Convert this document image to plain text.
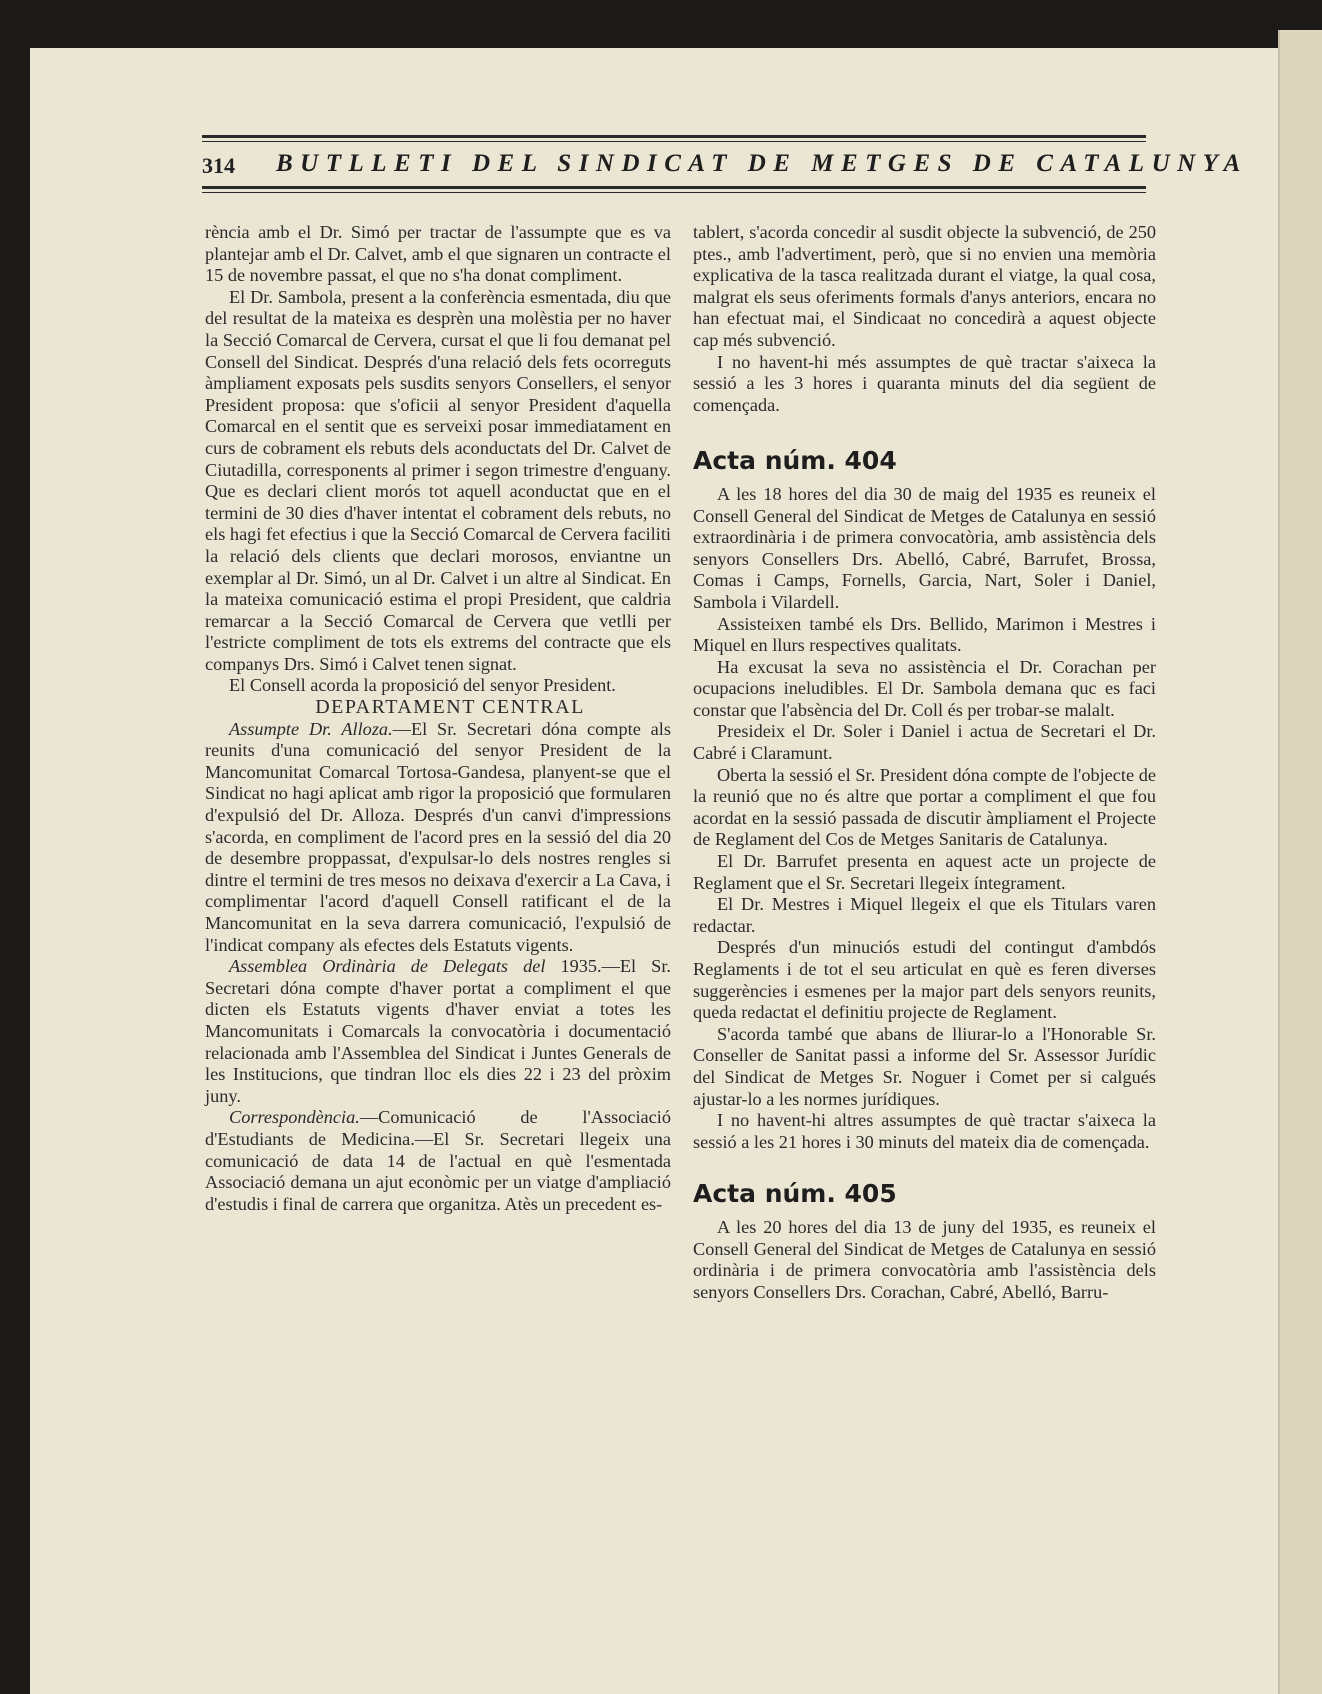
314 BUTLLETI DEL SINDICAT DE METGES DE CATALUNYA

rència amb el Dr. Simó per tractar de l'assumpte que es va plantejar amb el Dr. Calvet, amb el que signaren un contracte el 15 de novembre passat, el que no s'ha donat compliment.

El Dr. Sambola, present a la conferència esmentada, diu que del resultat de la mateixa es desprèn una molèstia per no haver la Secció Comarcal de Cervera, cursat el que li fou demanat pel Consell del Sindicat. Després d'una relació dels fets ocorreguts àmpliament exposats pels susdits senyors Consellers, el senyor President proposa: que s'oficii al senyor President d'aquella Comarcal en el sentit que es serveixi posar immediatament en curs de cobrament els rebuts dels aconductats del Dr. Calvet de Ciutadilla, corresponents al primer i segon trimestre d'enguany. Que es declari client morós tot aquell aconductat que en el termini de 30 dies d'haver intentat el cobrament dels rebuts, no els hagi fet efectius i que la Secció Comarcal de Cervera faciliti la relació dels clients que declari morosos, enviantne un exemplar al Dr. Simó, un al Dr. Calvet i un altre al Sindicat. En la mateixa comunicació estima el propi President, que caldria remarcar a la Secció Comarcal de Cervera que vetlli per l'estricte compliment de tots els extrems del contracte que els companys Drs. Simó i Calvet tenen signat.

El Consell acorda la proposició del senyor President.

DEPARTAMENT CENTRAL

Assumpte Dr. Alloza.—El Sr. Secretari dóna compte als reunits d'una comunicació del senyor President de la Mancomunitat Comarcal Tortosa-Gandesa, planyent-se que el Sindicat no hagi aplicat amb rigor la proposició que formularen d'expulsió del Dr. Alloza. Després d'un canvi d'impressions s'acorda, en compliment de l'acord pres en la sessió del dia 20 de desembre proppassat, d'expulsar-lo dels nostres rengles si dintre el termini de tres mesos no deixava d'exercir a La Cava, i complimentar l'acord d'aquell Consell ratificant el de la Mancomunitat en la seva darrera comunicació, l'expulsió de l'indicat company als efectes dels Estatuts vigents.

Assemblea Ordinària de Delegats del 1935.—El Sr. Secretari dóna compte d'haver portat a compliment el que dicten els Estatuts vigents d'haver enviat a totes les Mancomunitats i Comarcals la convocatòria i documentació relacionada amb l'Assemblea del Sindicat i Juntes Generals de les Institucions, que tindran lloc els dies 22 i 23 del pròxim juny.

Correspondència.—Comunicació de l'Associació d'Estudiants de Medicina.—El Sr. Secretari llegeix una comunicació de data 14 de l'actual en què l'esmentada Associació demana un ajut econòmic per un viatge d'ampliació d'estudis i final de carrera que organitza. Atès un precedent es-

tablert, s'acorda concedir al susdit objecte la subvenció, de 250 ptes., amb l'advertiment, però, que si no envien una memòria explicativa de la tasca realitzada durant el viatge, la qual cosa, malgrat els seus oferiments formals d'anys anteriors, encara no han efectuat mai, el Sindicaat no concedirà a aquest objecte cap més subvenció.

I no havent-hi més assumptes de què tractar s'aixeca la sessió a les 3 hores i quaranta minuts del dia següent de començada.

Acta núm. 404

A les 18 hores del dia 30 de maig del 1935 es reuneix el Consell General del Sindicat de Metges de Catalunya en sessió extraordinària i de primera convocatòria, amb assistència dels senyors Consellers Drs. Abelló, Cabré, Barrufet, Brossa, Comas i Camps, Fornells, Garcia, Nart, Soler i Daniel, Sambola i Vilardell.

Assisteixen també els Drs. Bellido, Marimon i Mestres i Miquel en llurs respectives qualitats.

Ha excusat la seva no assistència el Dr. Corachan per ocupacions ineludibles. El Dr. Sambola demana quc es faci constar que l'absència del Dr. Coll és per trobar-se malalt.

Presideix el Dr. Soler i Daniel i actua de Secretari el Dr. Cabré i Claramunt.

Oberta la sessió el Sr. President dóna compte de l'objecte de la reunió que no és altre que portar a compliment el que fou acordat en la sessió passada de discutir àmpliament el Projecte de Reglament del Cos de Metges Sanitaris de Catalunya.

El Dr. Barrufet presenta en aquest acte un projecte de Reglament que el Sr. Secretari llegeix íntegrament.

El Dr. Mestres i Miquel llegeix el que els Titulars varen redactar.

Després d'un minuciós estudi del contingut d'ambdós Reglaments i de tot el seu articulat en què es feren diverses suggerències i esmenes per la major part dels senyors reunits, queda redactat el definitiu projecte de Reglament.

S'acorda també que abans de lliurar-lo a l'Honorable Sr. Conseller de Sanitat passi a informe del Sr. Assessor Jurídic del Sindicat de Metges Sr. Noguer i Comet per si calgués ajustar-lo a les normes jurídiques.

I no havent-hi altres assumptes de què tractar s'aixeca la sessió a les 21 hores i 30 minuts del mateix dia de començada.

Acta núm. 405

A les 20 hores del dia 13 de juny del 1935, es reuneix el Consell General del Sindicat de Metges de Catalunya en sessió ordinària i de primera convocatòria amb l'assistència dels senyors Consellers Drs. Corachan, Cabré, Abelló, Barru-
